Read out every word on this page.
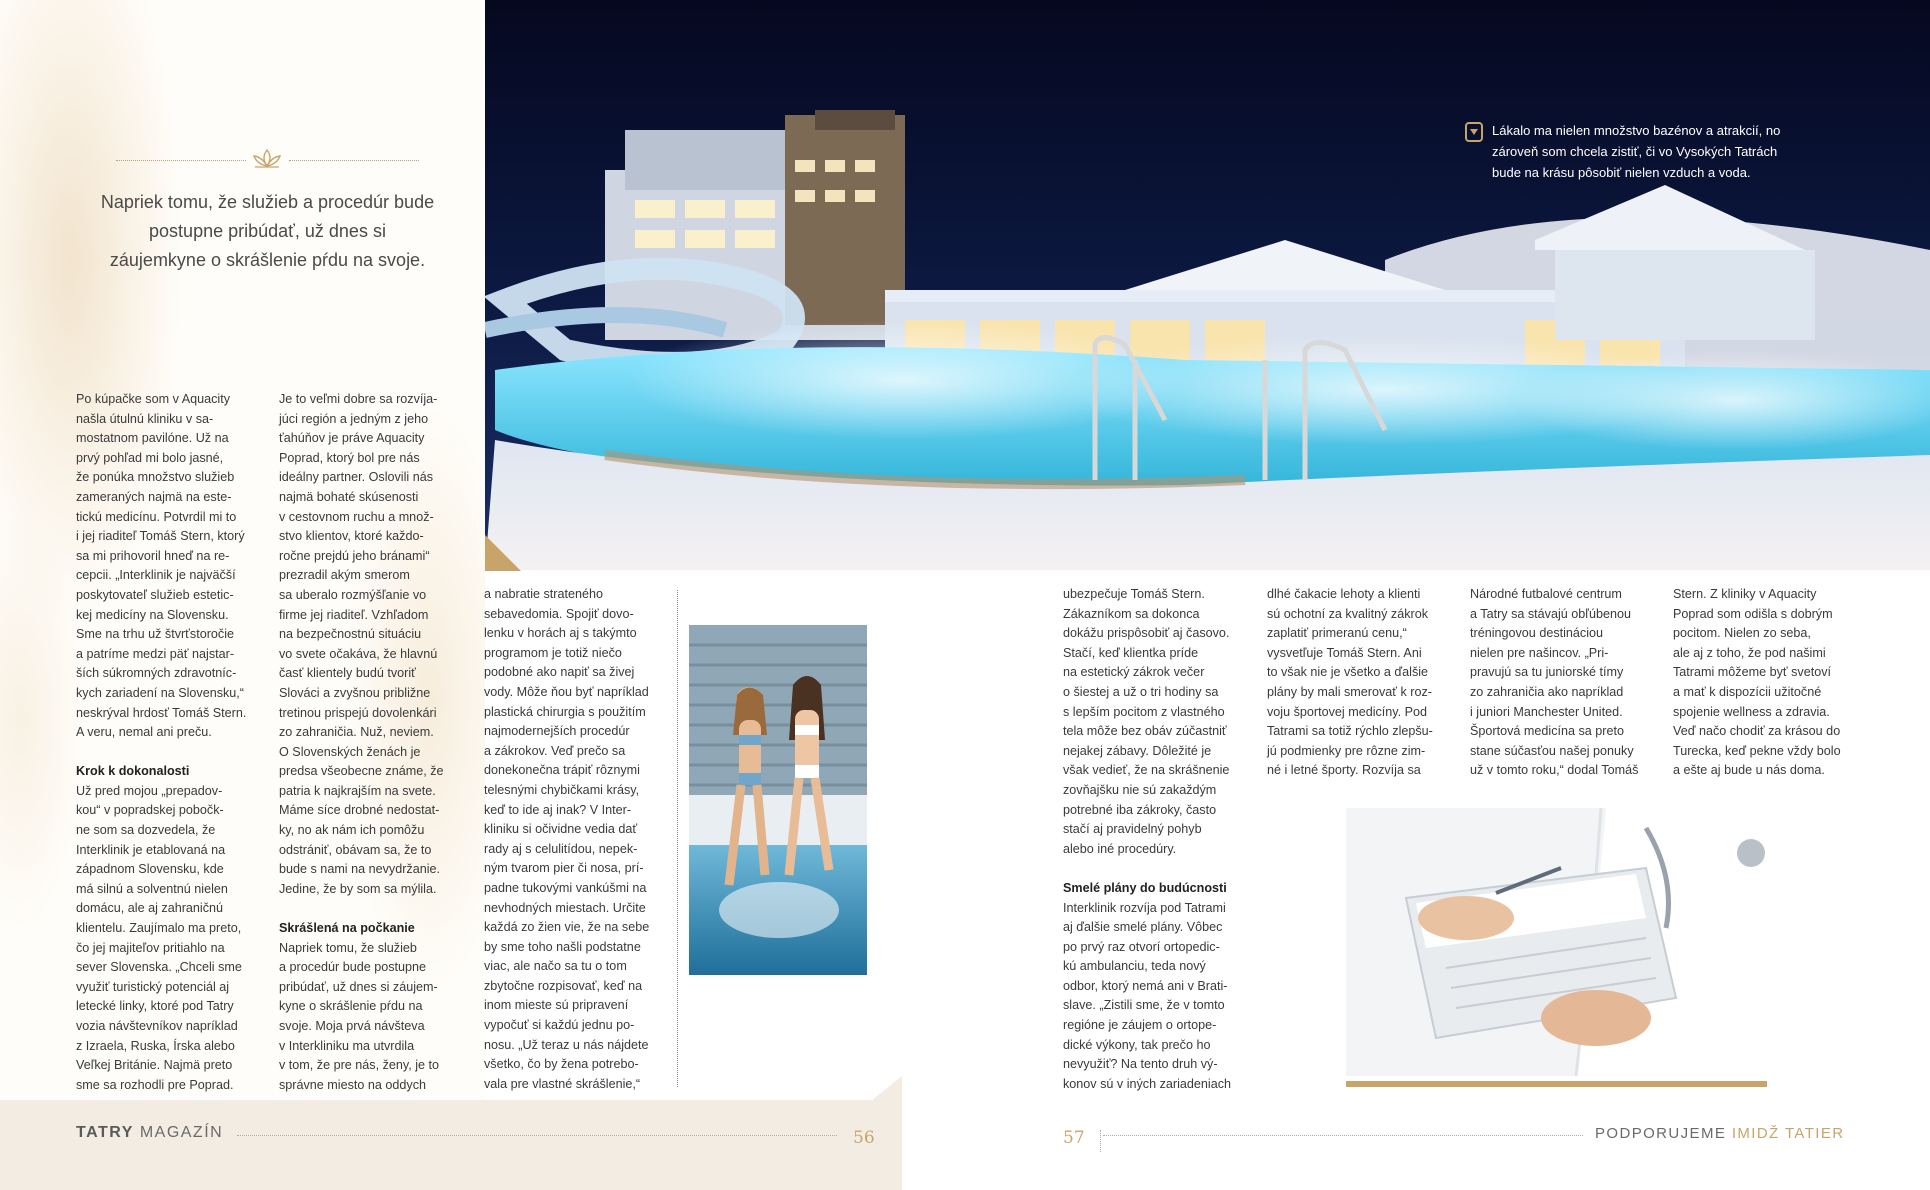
Lákalo ma nielen množstvo bazénov a atrakcií, no zároveň som chcela zistiť, či vo Vysokých Tatrách bude na krásu pôsobiť nielen vzduch a voda.
Napriek tomu, že služieb a procedúr bude postupne pribúdať, už dnes si záujemkyne o skrášlenie pŕdu na svoje.

Po kúpačke som v Aquacity

našla útulnú kliniku v sa-

mostatnom pavilóne. Už na

prvý pohľad mi bolo jasné,

že ponúka množstvo služieb

zameraných najmä na este-

tickú medicínu. Potvrdil mi to

i jej riaditeľ Tomáš Stern, ktorý

sa mi prihovoril hneď na re-

cepcii. „Interklinik je najväčší

poskytovateľ služieb estetic-

kej medicíny na Slovensku.

Sme na trhu už štvrťstoročie

a patríme medzi päť najstar-

ších súkromných zdravotníc-

kych zariadení na Slovensku,“

neskrýval hrdosť Tomáš Stern.

A veru, nemal ani preču.

Krok k dokonalosti

Už pred mojou „prepadov-

kou“ v popradskej pobočk-

ne som sa dozvedela, že

Interklinik je etablovaná na

západnom Slovensku, kde

má silnú a solventnú nielen

domácu, ale aj zahraničnú

klientelu. Zaujímalo ma preto,

čo jej majiteľov pritiahlo na

sever Slovenska. „Chceli sme

využiť turistický potenciál aj

letecké linky, ktoré pod Tatry

vozia návštevníkov napríklad

z Izraela, Ruska, Írska alebo

Veľkej Británie. Najmä preto

sme sa rozhodli pre Poprad.

Je to veľmi dobre sa rozvíja-

júci región a jedným z jeho

ťahúňov je práve Aquacity

Poprad, ktorý bol pre nás

ideálny partner. Oslovili nás

najmä bohaté skúsenosti

v cestovnom ruchu a množ-

stvo klientov, ktoré každo-

ročne prejdú jeho bránami“

prezradil akým smerom

sa uberalo rozmýšľanie vo

firme jej riaditeľ. Vzhľadom

na bezpečnostnú situáciu

vo svete očakáva, že hlavnú

časť klientely budú tvoriť

Slováci a zvyšnou približne

tretinou prispejú dovolenkári

zo zahraničia. Nuž, neviem.

O Slovenských ženách je

predsa všeobecne známe, že

patria k najkrajším na svete.

Máme síce drobné nedostat-

ky, no ak nám ich pomôžu

odstrániť, obávam sa, že to

bude s nami na nevydržanie.

Jedine, že by som sa mýlila.

Skrášlená na počkanie

Napriek tomu, že služieb

a procedúr bude postupne

pribúdať, už dnes si záujem-

kyne o skrášlenie pŕdu na

svoje. Moja prvá návšteva

v Interkliniku ma utvrdila

v tom, že pre nás, ženy, je to

správne miesto na oddych

a nabratie strateného

sebavedomia. Spojiť dovo-

lenku v horách aj s takýmto

programom je totiž niečo

podobné ako napiť sa živej

vody. Môže ňou byť napríklad

plastická chirurgia s použitím

najmodernejších procedúr

a zákrokov. Veď prečo sa

donekonečna trápiť rôznymi

telesnými chybičkami krásy,

keď to ide aj inak? V Inter-

kliniku si očividne vedia dať

rady aj s celulitídou, nepek-

ným tvarom pier či nosa, prí-

padne tukovými vankúšmi na

nevhodných miestach. Určite

každá zo žien vie, že na sebe

by sme toho našli podstatne

viac, ale načo sa tu o tom

zbytočne rozpisovať, keď na

inom mieste sú pripravení

vypočuť si každú jednu po-

nosu. „Už teraz u nás nájdete

všetko, čo by žena potrebo-

vala pre vlastné skrášlenie,“

ubezpečuje Tomáš Stern.

Zákazníkom sa dokonca

dokážu prispôsobiť aj časovo.

Stačí, keď klientka príde

na estetický zákrok večer

o šiestej a už o tri hodiny sa

s lepším pocitom z vlastného

tela môže bez obáv zúčastniť

nejakej zábavy. Dôležité je

však vedieť, že na skrášnenie

zovňajšku nie sú zakaždým

potrebné iba zákroky, často

stačí aj pravidelný pohyb

alebo iné procedúry.

Smelé plány do budúcnosti

Interklinik rozvíja pod Tatrami

aj ďalšie smelé plány. Vôbec

po prvý raz otvorí ortopedic-

kú ambulanciu, teda nový

odbor, ktorý nemá ani v Brati-

slave. „Zistili sme, že v tomto

regióne je záujem o ortope-

dické výkony, tak prečo ho

nevyužiť? Na tento druh vý-

konov sú v iných zariadeniach

dlhé čakacie lehoty a klienti

sú ochotní za kvalitný zákrok

zaplatiť primeranú cenu,“

vysvetľuje Tomáš Stern. Ani

to však nie je všetko a ďalšie

plány by mali smerovať k roz-

voju športovej medicíny. Pod

Tatrami sa totiž rýchlo zlepšu-

jú podmienky pre rôzne zim-

né i letné športy. Rozvíja sa

Národné futbalové centrum

a Tatry sa stávajú obľúbenou

tréningovou destináciou

nielen pre našincov. „Pri-

pravujú sa tu juniorské tímy

zo zahraničia ako napríklad

i juniori Manchester United.

Športová medicína sa preto

stane súčasťou našej ponuky

už v tomto roku,“ dodal Tomáš

Stern. Z kliniky v Aquacity

Poprad som odišla s dobrým

pocitom. Nielen zo seba,

ale aj z toho, že pod našimi

Tatrami môžeme byť svetoví

a mať k dispozícii užitočné

spojenie wellness a zdravia.

Veď načo chodiť za krásou do

Turecka, keď pekne vždy bolo

a ešte aj bude u nás doma.

TATRY MAGAZÍN	56	57	PODPORUJEME IMIDŽ TATIER
